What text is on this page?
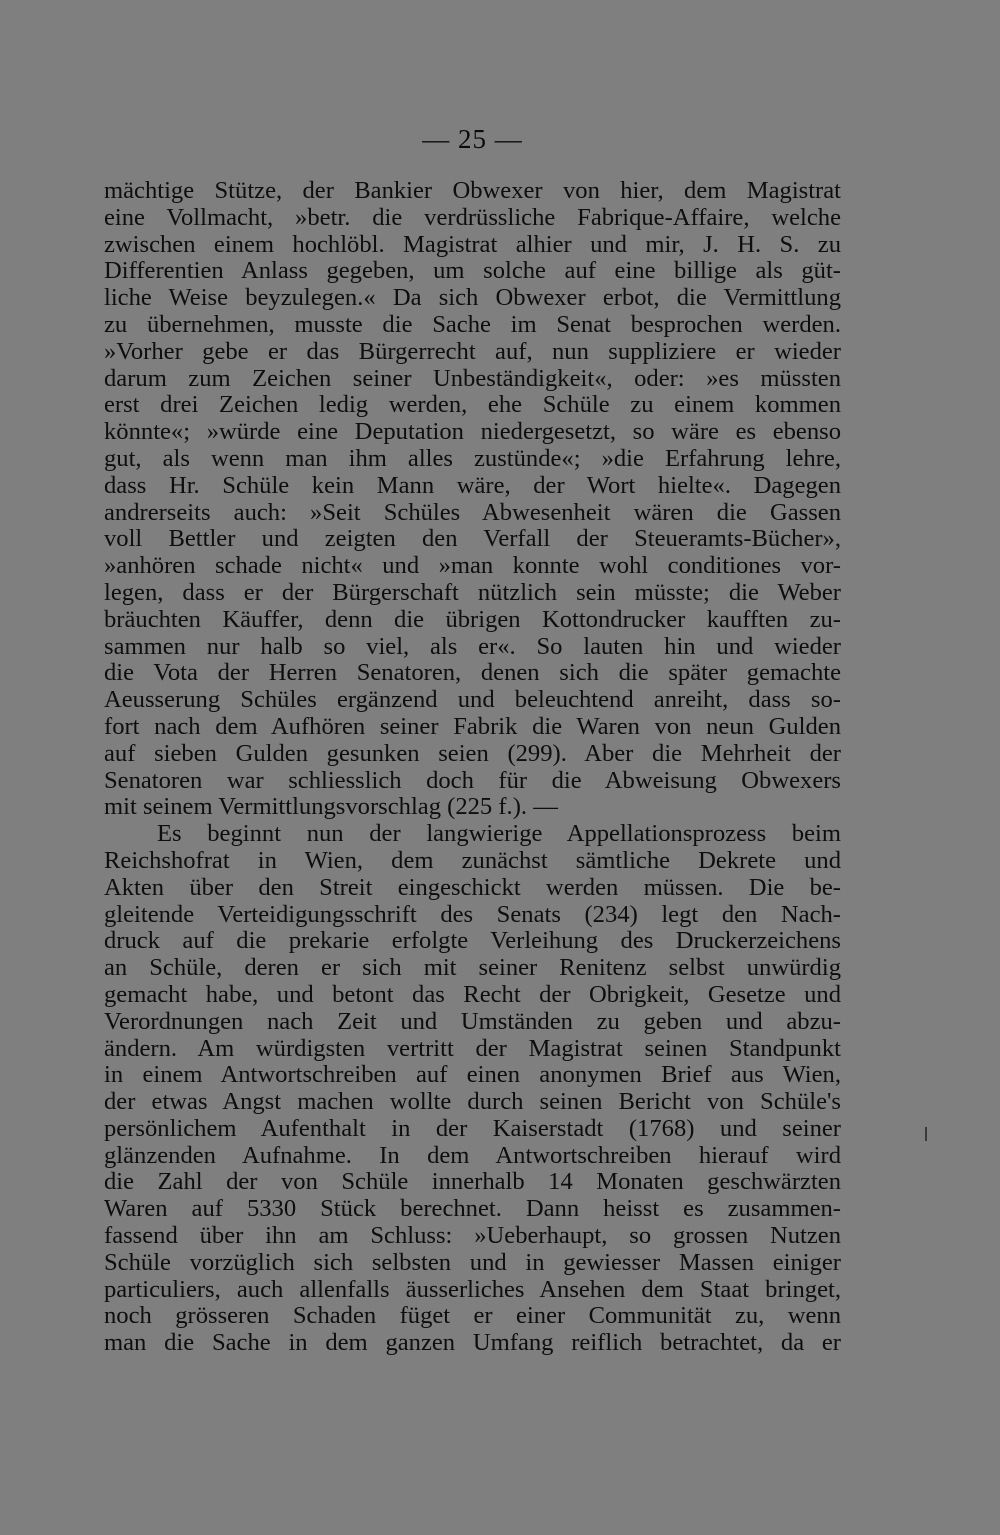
— 25 —
mächtige Stütze, der Bankier Obwexer von hier, dem Magistrat
eine Vollmacht, »betr. die verdrüssliche Fabrique-Affaire, welche
zwischen einem hochlöbl. Magistrat alhier und mir, J. H. S. zu
Differentien Anlass gegeben, um solche auf eine billige als güt-
liche Weise beyzulegen.« Da sich Obwexer erbot, die Vermittlung
zu übernehmen, musste die Sache im Senat besprochen werden.
»Vorher gebe er das Bürgerrecht auf, nun suppliziere er wieder
darum zum Zeichen seiner Unbeständigkeit«, oder: »es müssten
erst drei Zeichen ledig werden, ehe Schüle zu einem kommen
könnte«; »würde eine Deputation niedergesetzt, so wäre es ebenso
gut, als wenn man ihm alles zustünde«; »die Erfahrung lehre,
dass Hr. Schüle kein Mann wäre, der Wort hielte«. Dagegen
andrerseits auch: »Seit Schüles Abwesenheit wären die Gassen
voll Bettler und zeigten den Verfall der Steueramts-Bücher»,
»anhören schade nicht« und »man konnte wohl conditiones vor-
legen, dass er der Bürgerschaft nützlich sein müsste; die Weber
bräuchten Käuffer, denn die übrigen Kottondrucker kaufften zu-
sammen nur halb so viel, als er«. So lauten hin und wieder
die Vota der Herren Senatoren, denen sich die später gemachte
Aeusserung Schüles ergänzend und beleuchtend anreiht, dass so-
fort nach dem Aufhören seiner Fabrik die Waren von neun Gulden
auf sieben Gulden gesunken seien (299). Aber die Mehrheit der
Senatoren war schliesslich doch für die Abweisung Obwexers
mit seinem Vermittlungsvorschlag (225 f.). —
Es beginnt nun der langwierige Appellationsprozess beim
Reichshofrat in Wien, dem zunächst sämtliche Dekrete und
Akten über den Streit eingeschickt werden müssen. Die be-
gleitende Verteidigungsschrift des Senats (234) legt den Nach-
druck auf die prekarie erfolgte Verleihung des Druckerzeichens
an Schüle, deren er sich mit seiner Renitenz selbst unwürdig
gemacht habe, und betont das Recht der Obrigkeit, Gesetze und
Verordnungen nach Zeit und Umständen zu geben und abzu-
ändern. Am würdigsten vertritt der Magistrat seinen Standpunkt
in einem Antwortschreiben auf einen anonymen Brief aus Wien,
der etwas Angst machen wollte durch seinen Bericht von Schüle's
persönlichem Aufenthalt in der Kaiserstadt (1768) und seiner
glänzenden Aufnahme. In dem Antwortschreiben hierauf wird
die Zahl der von Schüle innerhalb 14 Monaten geschwärzten
Waren auf 5330 Stück berechnet. Dann heisst es zusammen-
fassend über ihn am Schluss: »Ueberhaupt, so grossen Nutzen
Schüle vorzüglich sich selbsten und in gewiesser Massen einiger
particuliers, auch allenfalls äusserliches Ansehen dem Staat bringet,
noch grösseren Schaden füget er einer Communität zu, wenn
man die Sache in dem ganzen Umfang reiflich betrachtet, da er
